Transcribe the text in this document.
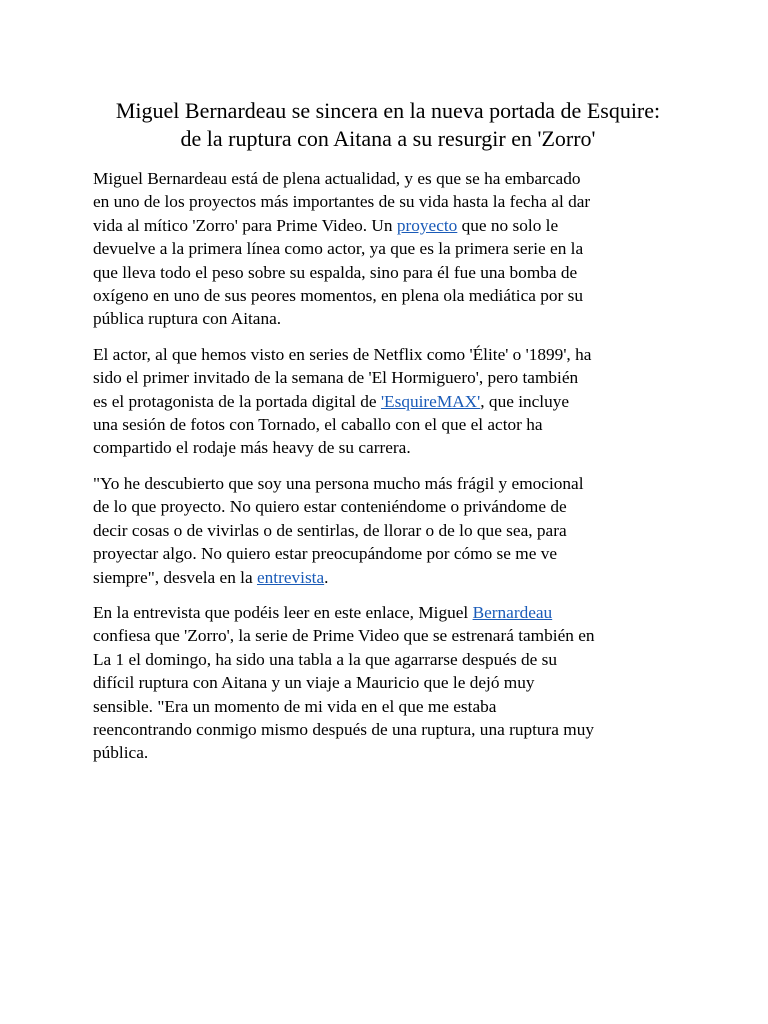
Miguel Bernardeau se sincera en la nueva portada de Esquire:
de la ruptura con Aitana a su resurgir en 'Zorro'

Miguel Bernardeau está de plena actualidad, y es que se ha embarcado
en uno de los proyectos más importantes de su vida hasta la fecha al dar
vida al mítico 'Zorro' para Prime Video. Un proyecto que no solo le
devuelve a la primera línea como actor, ya que es la primera serie en la
que lleva todo el peso sobre su espalda, sino para él fue una bomba de
oxígeno en uno de sus peores momentos, en plena ola mediática por su
pública ruptura con Aitana.

El actor, al que hemos visto en series de Netflix como 'Élite' o '1899', ha
sido el primer invitado de la semana de 'El Hormiguero', pero también
es el protagonista de la portada digital de 'EsquireMAX', que incluye
una sesión de fotos con Tornado, el caballo con el que el actor ha
compartido el rodaje más heavy de su carrera.

"Yo he descubierto que soy una persona mucho más frágil y emocional
de lo que proyecto. No quiero estar conteniéndome o privándome de
decir cosas o de vivirlas o de sentirlas, de llorar o de lo que sea, para
proyectar algo. No quiero estar preocupándome por cómo se me ve
siempre", desvela en la entrevista.

En la entrevista que podéis leer en este enlace, Miguel Bernardeau
confiesa que 'Zorro', la serie de Prime Video que se estrenará también en
La 1 el domingo, ha sido una tabla a la que agarrarse después de su
difícil ruptura con Aitana y un viaje a Mauricio que le dejó muy
sensible. "Era un momento de mi vida en el que me estaba
reencontrando conmigo mismo después de una ruptura, una ruptura muy
pública.
